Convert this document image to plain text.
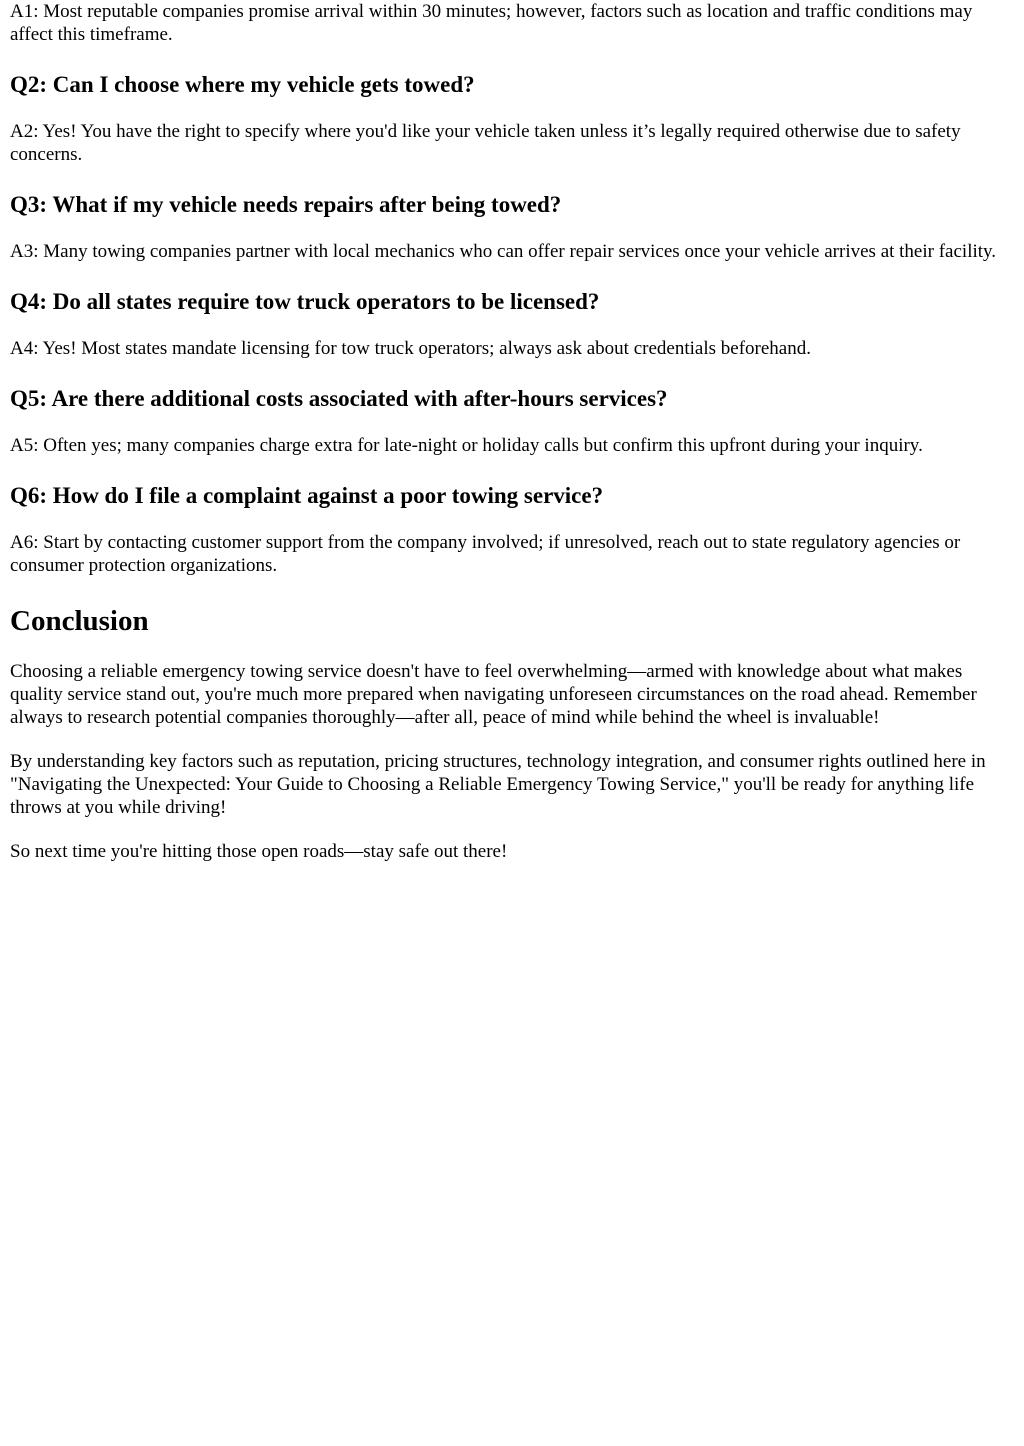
A1: Most reputable companies promise arrival within 30 minutes; however, factors such as location and traffic conditions may affect this timeframe.

Q2: Can I choose where my vehicle gets towed?

A2: Yes! You have the right to specify where you'd like your vehicle taken unless it’s legally required otherwise due to safety concerns.

Q3: What if my vehicle needs repairs after being towed?

A3: Many towing companies partner with local mechanics who can offer repair services once your vehicle arrives at their facility.

Q4: Do all states require tow truck operators to be licensed?

A4: Yes! Most states mandate licensing for tow truck operators; always ask about credentials beforehand.

Q5: Are there additional costs associated with after-hours services?

A5: Often yes; many companies charge extra for late-night or holiday calls but confirm this upfront during your inquiry.

Q6: How do I file a complaint against a poor towing service?

A6: Start by contacting customer support from the company involved; if unresolved, reach out to state regulatory agencies or consumer protection organizations.

Conclusion

Choosing a reliable emergency towing service doesn't have to feel overwhelming—armed with knowledge about what makes quality service stand out, you're much more prepared when navigating unforeseen circumstances on the road ahead. Remember always to research potential companies thoroughly—after all, peace of mind while behind the wheel is invaluable!

By understanding key factors such as reputation, pricing structures, technology integration, and consumer rights outlined here in "Navigating the Unexpected: Your Guide to Choosing a Reliable Emergency Towing Service," you'll be ready for anything life throws at you while driving!

So next time you're hitting those open roads—stay safe out there!
